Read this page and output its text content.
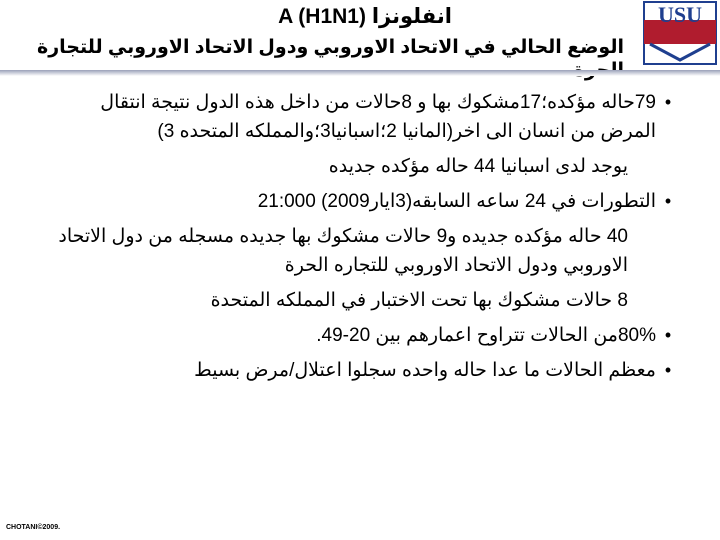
USU
انفلونزا A (H1N1)
الوضع الحالي في الاتحاد الاوروبي ودول الاتحاد الاوروبي للتجارة
•
79حاله مؤكده؛17مشكوك بها و 8حالات من داخل هذه الدول نتيجة انتقال المرض من انسان الى اخر(المانيا 2؛اسبانيا3؛والمملكه المتحده 3)
يوجد لدى اسبانيا 44 حاله مؤكده جديده
•
التطورات في 24 ساعه السابقه(3ايار2009) 21:000
40 حاله مؤكده جديده و9 حالات مشكوك بها جديده مسجله من دول الاتحاد الاوروبي ودول الاتحاد الاوروبي للتجاره الحرة
8 حالات مشكوك بها تحت الاختبار في المملكه المتحدة
•
80%من الحالات تتراوح اعمارهم بين 20-49.
•
معظم الحالات ما عدا حاله واحده سجلوا اعتلال/مرض بسيط
CHOTANI©2009.
